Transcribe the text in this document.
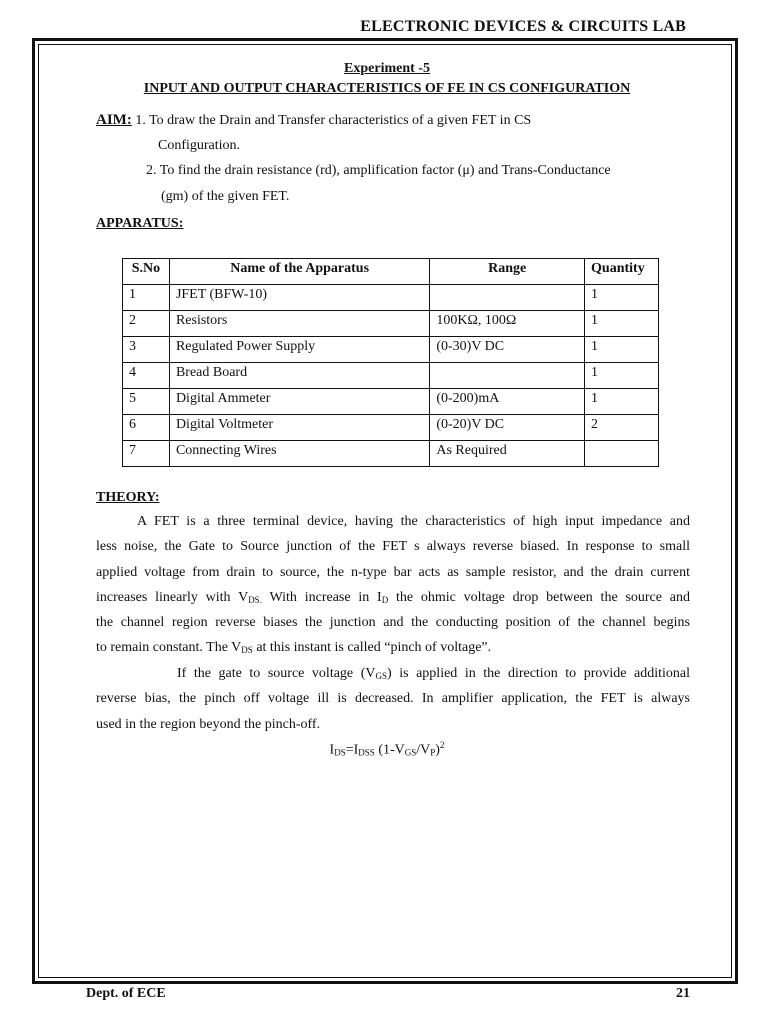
ELECTRONIC DEVICES & CIRCUITS LAB
Experiment -5
INPUT AND OUTPUT CHARACTERISTICS OF FE IN CS CONFIGURATION
AIM: 1. To draw the Drain and Transfer characteristics of a given FET in CS
Configuration.
2. To find the drain resistance (rd), amplification factor (μ) and Trans-Conductance
(gm) of the given FET.
APPARATUS:
S.No	Name of the Apparatus	Range	Quantity
1	JFET (BFW-10)		1
2	Resistors	100KΩ, 100Ω	1
3	Regulated Power Supply	(0-30)V DC	1
4	Bread Board		1
5	Digital Ammeter	(0-200)mA	1
6	Digital Voltmeter	(0-20)V DC	2
7	Connecting Wires	As Required	
THEORY:
A FET is a three terminal device, having the characteristics of high input impedance and
less noise, the Gate to Source junction of the FET s always reverse biased. In response to small
applied voltage from drain to source, the n-type bar acts as sample resistor, and the drain current
increases linearly with $V_{DS.}$ With increase in $I_D$ the ohmic voltage drop between the source and
the channel region reverse biases the junction and the conducting position of the channel begins
to remain constant. The $V_{DS}$ at this instant is called “pinch of voltage”.
If the gate to source voltage $(V_{GS})$ is applied in the direction to provide additional
reverse bias, the pinch off voltage ill is decreased. In amplifier application, the FET is always
used in the region beyond the pinch-off.
$I_{DS}=I_{DSS}$ $(1-V_{GS}/V_P)^2$
Dept. of ECE	21
